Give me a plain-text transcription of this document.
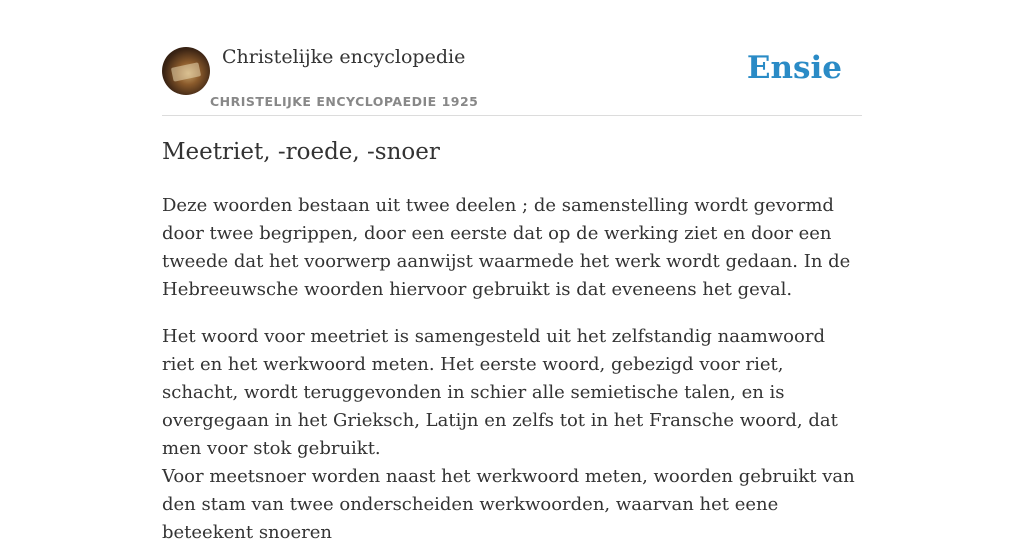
Christelijke encyclopedie
CHRISTELIJKE ENCYCLOPAEDIE 1925
Ensie
Meetriet, -roede, -snoer

Deze woorden bestaan uit twee deelen ; de samenstelling wordt gevormd door twee begrippen, door een eerste dat op de werking ziet en door een tweede dat het voorwerp aanwijst waarmede het werk wordt gedaan. In de Hebreeuwsche woorden hiervoor gebruikt is dat eveneens het geval.

Het woord voor meetriet is samengesteld uit het zelfstandig naamwoord riet en het werkwoord meten. Het eerste woord, gebezigd voor riet, schacht, wordt teruggevonden in schier alle semietische talen, en is overgegaan in het Grieksch, Latijn en zelfs tot in het Fransche woord, dat men voor stok gebruikt.

Voor meetsnoer worden naast het werkwoord meten, woorden gebruikt van den stam van twee onderscheiden werkwoorden, waarvan het eene beteekent snoeren
